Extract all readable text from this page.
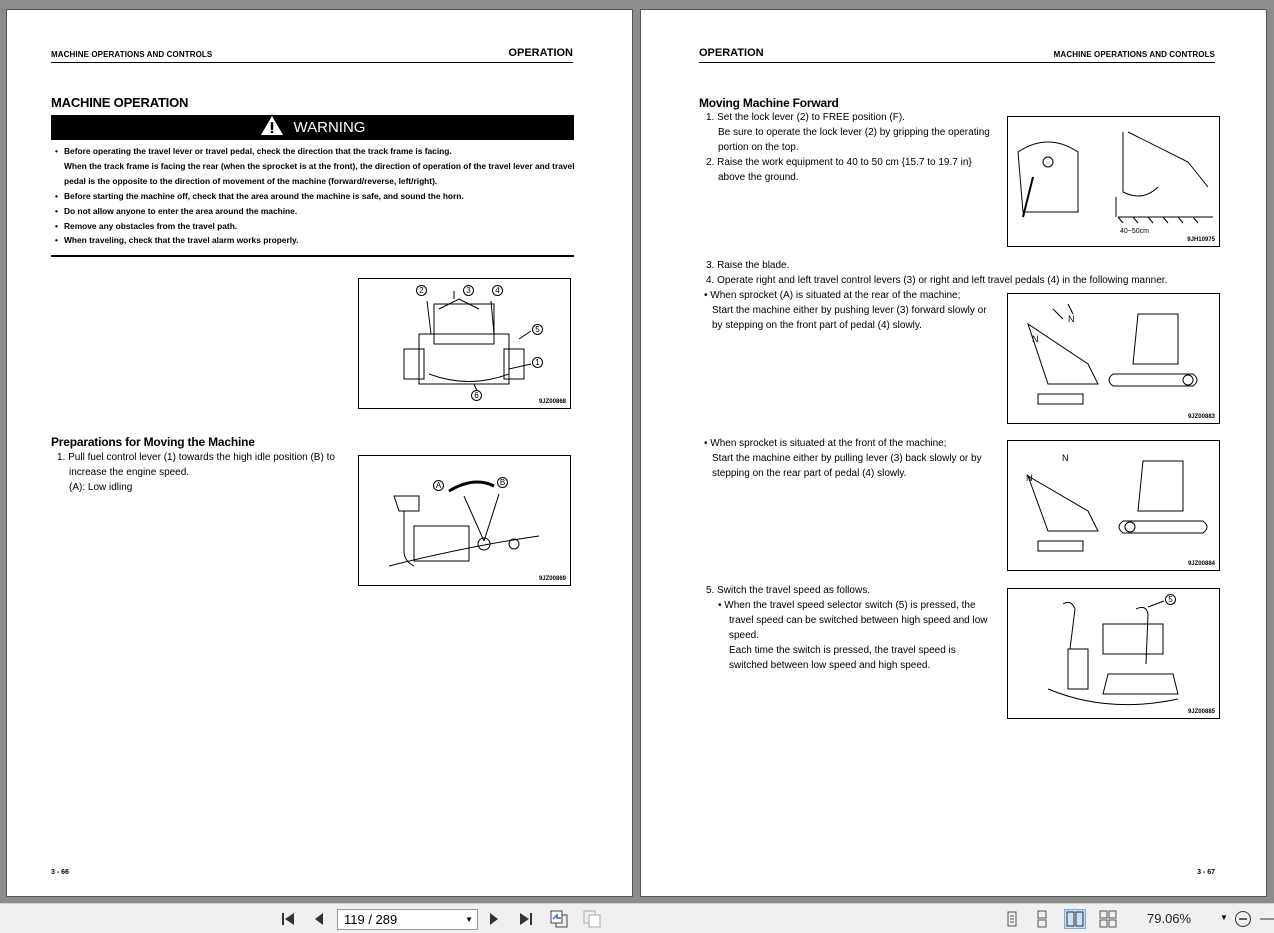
MACHINE OPERATIONS AND CONTROLS	OPERATION
MACHINE OPERATION
WARNING
• Before operating the travel lever or travel pedal, check the direction that the track frame is facing.
When the track frame is facing the rear (when the sprocket is at the front), the direction of operation of the travel lever and travel
pedal is the opposite to the direction of movement of the machine (forward/reverse, left/right).
• Before starting the machine off, check that the area around the machine is safe, and sound the horn.
• Do not allow anyone to enter the area around the machine.
• Remove any obstacles from the travel path.
• When traveling, check that the travel alarm works properly.
2	3	4
5
1
6
9JZ00868
Preparations for Moving the Machine
1. Pull fuel control lever (1) towards the high idle position (B) to
increase the engine speed.
(A): Low idling	A	B
9JZ00869
3 - 66
OPERATION	MACHINE OPERATIONS AND CONTROLS
Moving Machine Forward
1. Set the lock lever (2) to FREE position (F).
Be sure to operate the lock lever (2) by gripping the operating
portion on the top.
2. Raise the work equipment to 40 to 50 cm {15.7 to 19.7 in}
above the ground.
40~50cm
9JH10975
3. Raise the blade.
4. Operate right and left travel control levers (3) or right and left travel pedals (4) in the following manner.
• When sprocket (A) is situated at the rear of the machine;
Start the machine either by pushing lever (3) forward slowly or
by stepping on the front part of pedal (4) slowly.
N
N
9JZ00883
• When sprocket is situated at the front of the machine;
Start the machine either by pulling lever (3) back slowly or by
stepping on the rear part of pedal (4) slowly.
N
N
9JZ00884
5. Switch the travel speed as follows.
• When the travel speed selector switch (5) is pressed, the
travel speed can be switched between high speed and low
speed.
Each time the switch is pressed, the travel speed is
switched between low speed and high speed.
5
9JZ00885
3 - 67
119 / 289	▼	79.06%	▼
